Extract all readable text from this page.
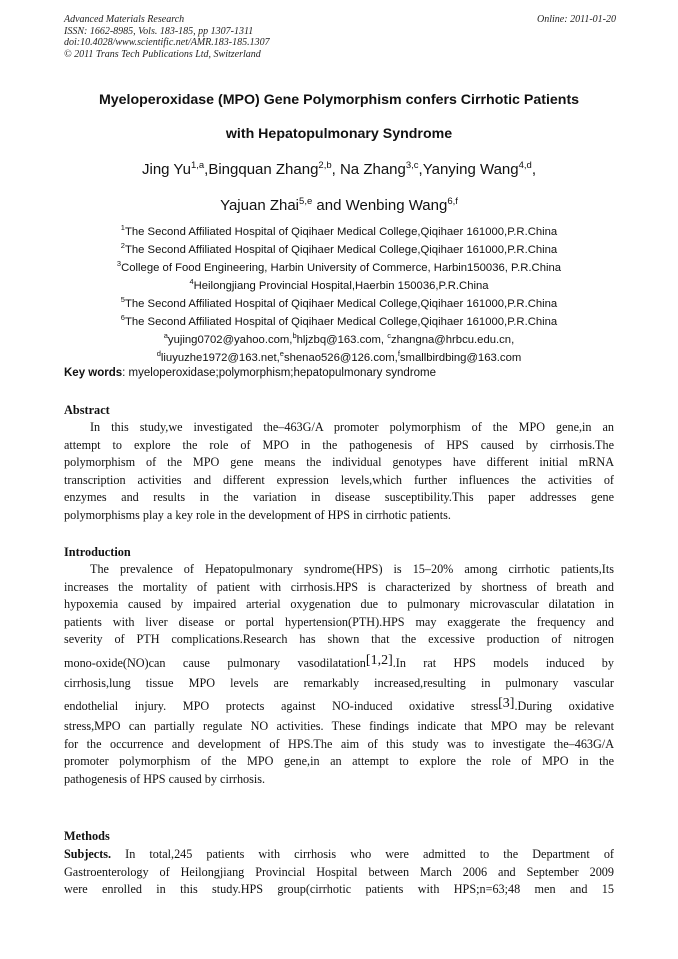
Advanced Materials Research
ISSN: 1662-8985, Vols. 183-185, pp 1307-1311
doi:10.4028/www.scientific.net/AMR.183-185.1307
© 2011 Trans Tech Publications Ltd, Switzerland
Online: 2011-01-20
Myeloperoxidase (MPO) Gene Polymorphism confers Cirrhotic Patients
with Hepatopulmonary Syndrome
Jing Yu$^{1,a}$,Bingquan Zhang$^{2,b}$, Na Zhang$^{3,c}$,Yanying Wang$^{4,d}$,
Yajuan Zhai$^{5,e}$ and Wenbing Wang$^{6,f}$
$^1$The Second Affiliated Hospital of Qiqihaer Medical College,Qiqihaer 161000,P.R.China
$^2$The Second Affiliated Hospital of Qiqihaer Medical College,Qiqihaer 161000,P.R.China
$^3$College of Food Engineering, Harbin University of Commerce, Harbin150036, P.R.China
$^4$Heilongjiang Provincial Hospital,Haerbin 150036,P.R.China
$^5$The Second Affiliated Hospital of Qiqihaer Medical College,Qiqihaer 161000,P.R.China
$^6$The Second Affiliated Hospital of Qiqihaer Medical College,Qiqihaer 161000,P.R.China
$^a$yujing0702@yahoo.com,$^b$hljzbq@163.com, $^c$zhangna@hrbcu.edu.cn,
$^d$liuyuzhe1972@163.net,$^e$shenao526@126.com,$^f$smallbirdbing@163.com
Key words: myeloperoxidase;polymorphism;hepatopulmonary syndrome
Abstract
In this study,we investigated the–463G/A promoter polymorphism of the MPO gene,in an
attempt to explore the role of MPO in the pathogenesis of HPS caused by cirrhosis.The
polymorphism of the MPO gene means the individual genotypes have different initial mRNA
transcription activities and different expression levels,which further influences the activities of
enzymes and results in the variation in disease susceptibility.This paper addresses gene
polymorphisms play a key role in the development of HPS in cirrhotic patients.
Introduction
The prevalence of Hepatopulmonary syndrome(HPS) is 15–20% among cirrhotic patients,Its
increases the mortality of patient with cirrhosis.HPS is characterized by shortness of breath and
hypoxemia caused by impaired arterial oxygenation due to pulmonary microvascular dilatation in
patients with liver disease or portal hypertension(PTH).HPS may exaggerate the frequency and
severity of PTH complications.Research has shown that the excessive production of nitrogen
mono-oxide(NO)can cause pulmonary vasodilatation[1,2].In rat HPS models induced by
cirrhosis,lung tissue MPO levels are remarkably increased,resulting in pulmonary vascular
endothelial injury. MPO protects against NO-induced oxidative stress[3].During oxidative
stress,MPO can partially regulate NO activities. These findings indicate that MPO may be relevant
for the occurrence and development of HPS.The aim of this study was to investigate the–463G/A
promoter polymorphism of the MPO gene,in an attempt to explore the role of MPO in the
pathogenesis of HPS caused by cirrhosis.
Methods
Subjects. In total,245 patients with cirrhosis who were admitted to the Department of
Gastroenterology of Heilongjiang Provincial Hospital between March 2006 and September 2009
were enrolled in this study.HPS group(cirrhotic patients with HPS;n=63;48 men and 15
